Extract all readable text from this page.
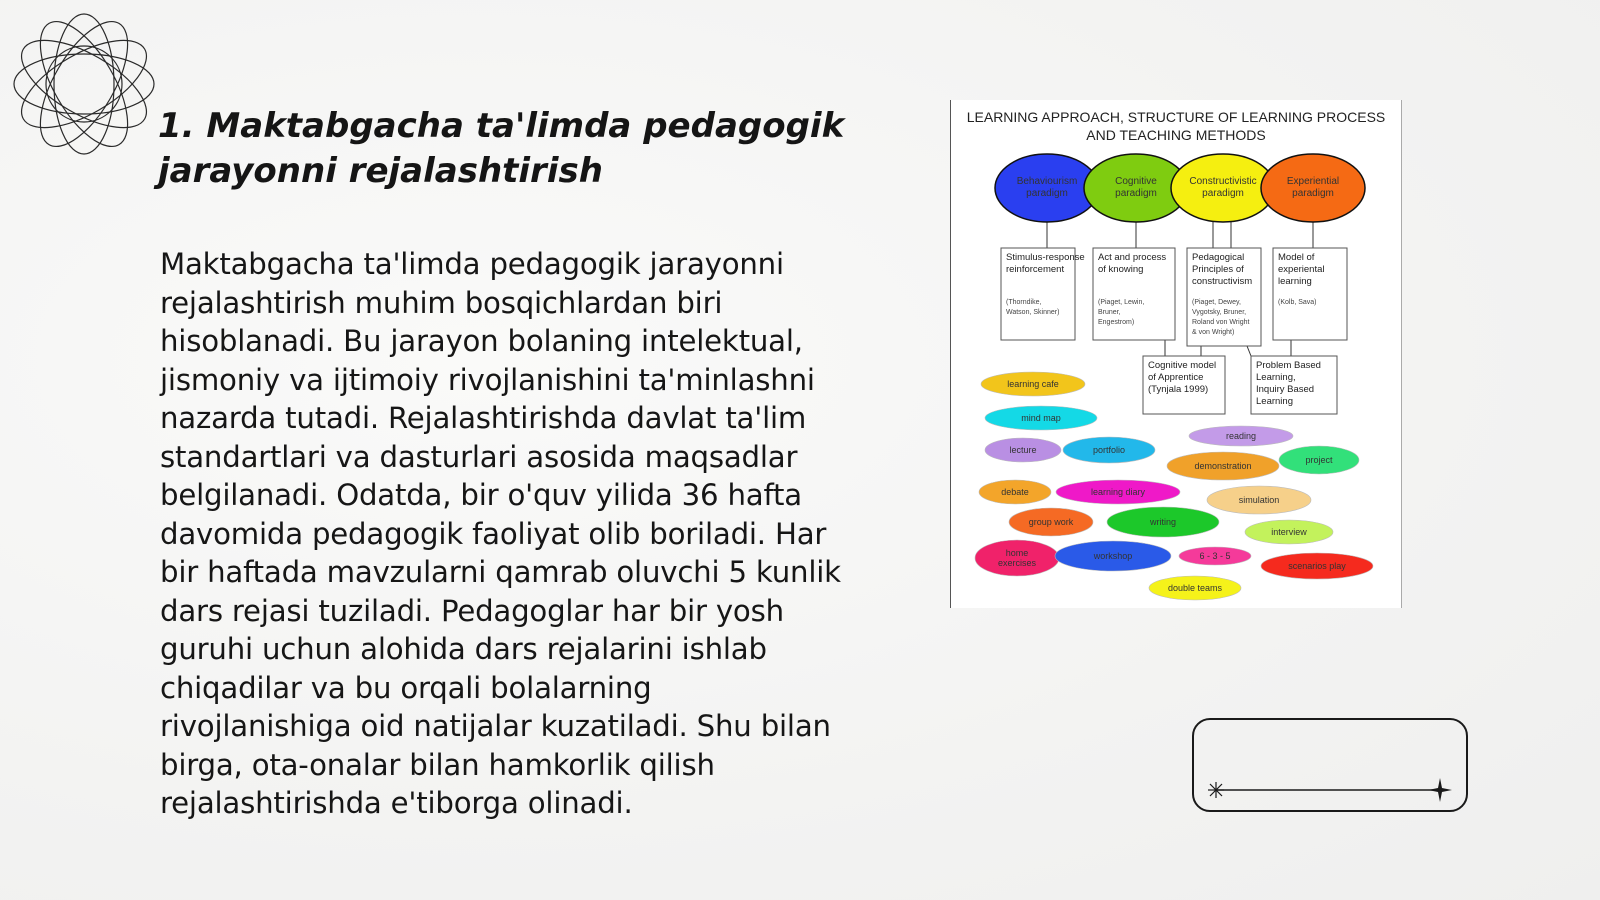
1. Maktabgacha ta'limda pedagogik jarayonni rejalashtirish

Maktabgacha ta'limda pedagogik jarayonni rejalashtirish muhim bosqichlardan biri hisoblanadi. Bu jarayon bolaning intelektual, jismoniy va ijtimoiy rivojlanishini ta'minlashni nazarda tutadi. Rejalashtirishda davlat ta'lim standartlari va dasturlari asosida maqsadlar belgilanadi. Odatda, bir o'quv yilida 36 hafta davomida pedagogik faoliyat olib boriladi. Har bir haftada mavzularni qamrab oluvchi 5 kunlik dars rejasi tuziladi. Pedagoglar har bir yosh guruhi uchun alohida dars rejalarini ishlab chiqadilar va bu orqali bolalarning rivojlanishiga oid natijalar kuzatiladi. Shu bilan birga, ota-onalar bilan hamkorlik qilish rejalashtirishda e'tiborga olinadi.

LEARNING APPROACH, STRUCTURE OF LEARNING PROCESS
AND TEACHING METHODS
Behaviourism paradigm
Cognitive paradigm
Constructivistic paradigm
Experiential paradigm
Stimulus-response reinforcement
(Thorndike, Watson, Skinner)
Act and process of knowing
(Piaget, Lewin, Bruner, Engestrom)
Pedagogical Principles of constructivism
(Piaget, Dewey, Vygotsky, Bruner, Roland von Wright & von Wright)
Model of experiental learning
(Kolb, Sava)
Cognitive model of Apprentice (Tynjala 1999)
Problem Based Learning, Inquiry Based Learning
learning cafe
mind map
lecture	portfolio
reading
demonstration
project
debate	learning diary
simulation
group work	writing
interview
home exercises
workshop	6 - 3 - 5
scenarios play
double teams
